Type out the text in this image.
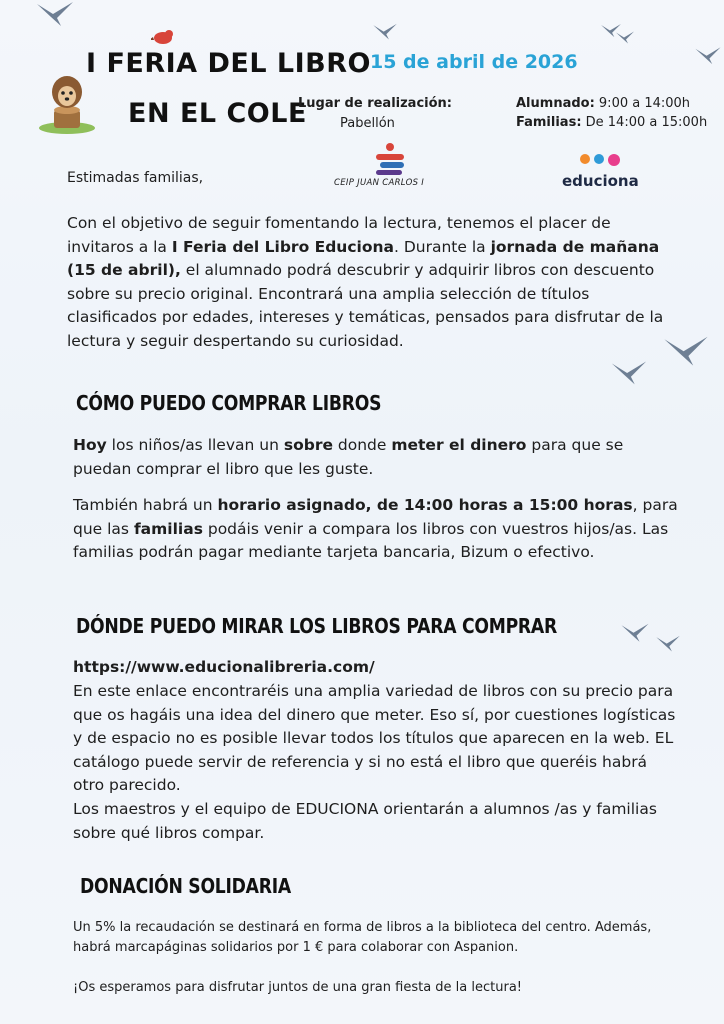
I FERIA DEL LIBRO
EN EL COLE
15 de abril de 2026
Lugar de realización:
Pabellón
Alumnado: 9:00 a 14:00h
Familias: De 14:00 a 15:00h
CEIP JUAN CARLOS I	educiona
Estimadas familias,
Con el objetivo de seguir fomentando la lectura, tenemos el placer de invitaros a la I Feria del Libro Educiona. Durante la jornada de mañana (15 de abril), el alumnado podrá descubrir y adquirir libros con descuento sobre su precio original. Encontrará una amplia selección de títulos clasificados por edades, intereses y temáticas, pensados para disfrutar de la lectura y seguir despertando su curiosidad.
CÓMO PUEDO COMPRAR LIBROS
Hoy los niños/as llevan un sobre donde meter el dinero para que se puedan comprar el libro que les guste.
También habrá un horario asignado, de 14:00 horas a 15:00 horas, para que las familias podáis venir a compara los libros con vuestros hijos/as. Las familias podrán pagar mediante tarjeta bancaria, Bizum o efectivo.
DÓNDE PUEDO MIRAR LOS LIBROS PARA COMPRAR
https://www.educionalibreria.com/
En este enlace encontraréis una amplia variedad de libros con su precio para que os hagáis una idea del dinero que meter. Eso sí, por cuestiones logísticas y de espacio no es posible llevar todos los títulos que aparecen en la web. EL catálogo puede servir de referencia y si no está el libro que queréis habrá otro parecido.
Los maestros y el equipo de EDUCIONA orientarán a alumnos /as y familias sobre qué libros compar.
DONACIÓN SOLIDARIA
Un 5% la recaudación se destinará en forma de libros a la biblioteca del centro. Además, habrá marcapáginas solidarios por 1 € para colaborar con Aspanion.
¡Os esperamos para disfrutar juntos de una gran fiesta de la lectura!
